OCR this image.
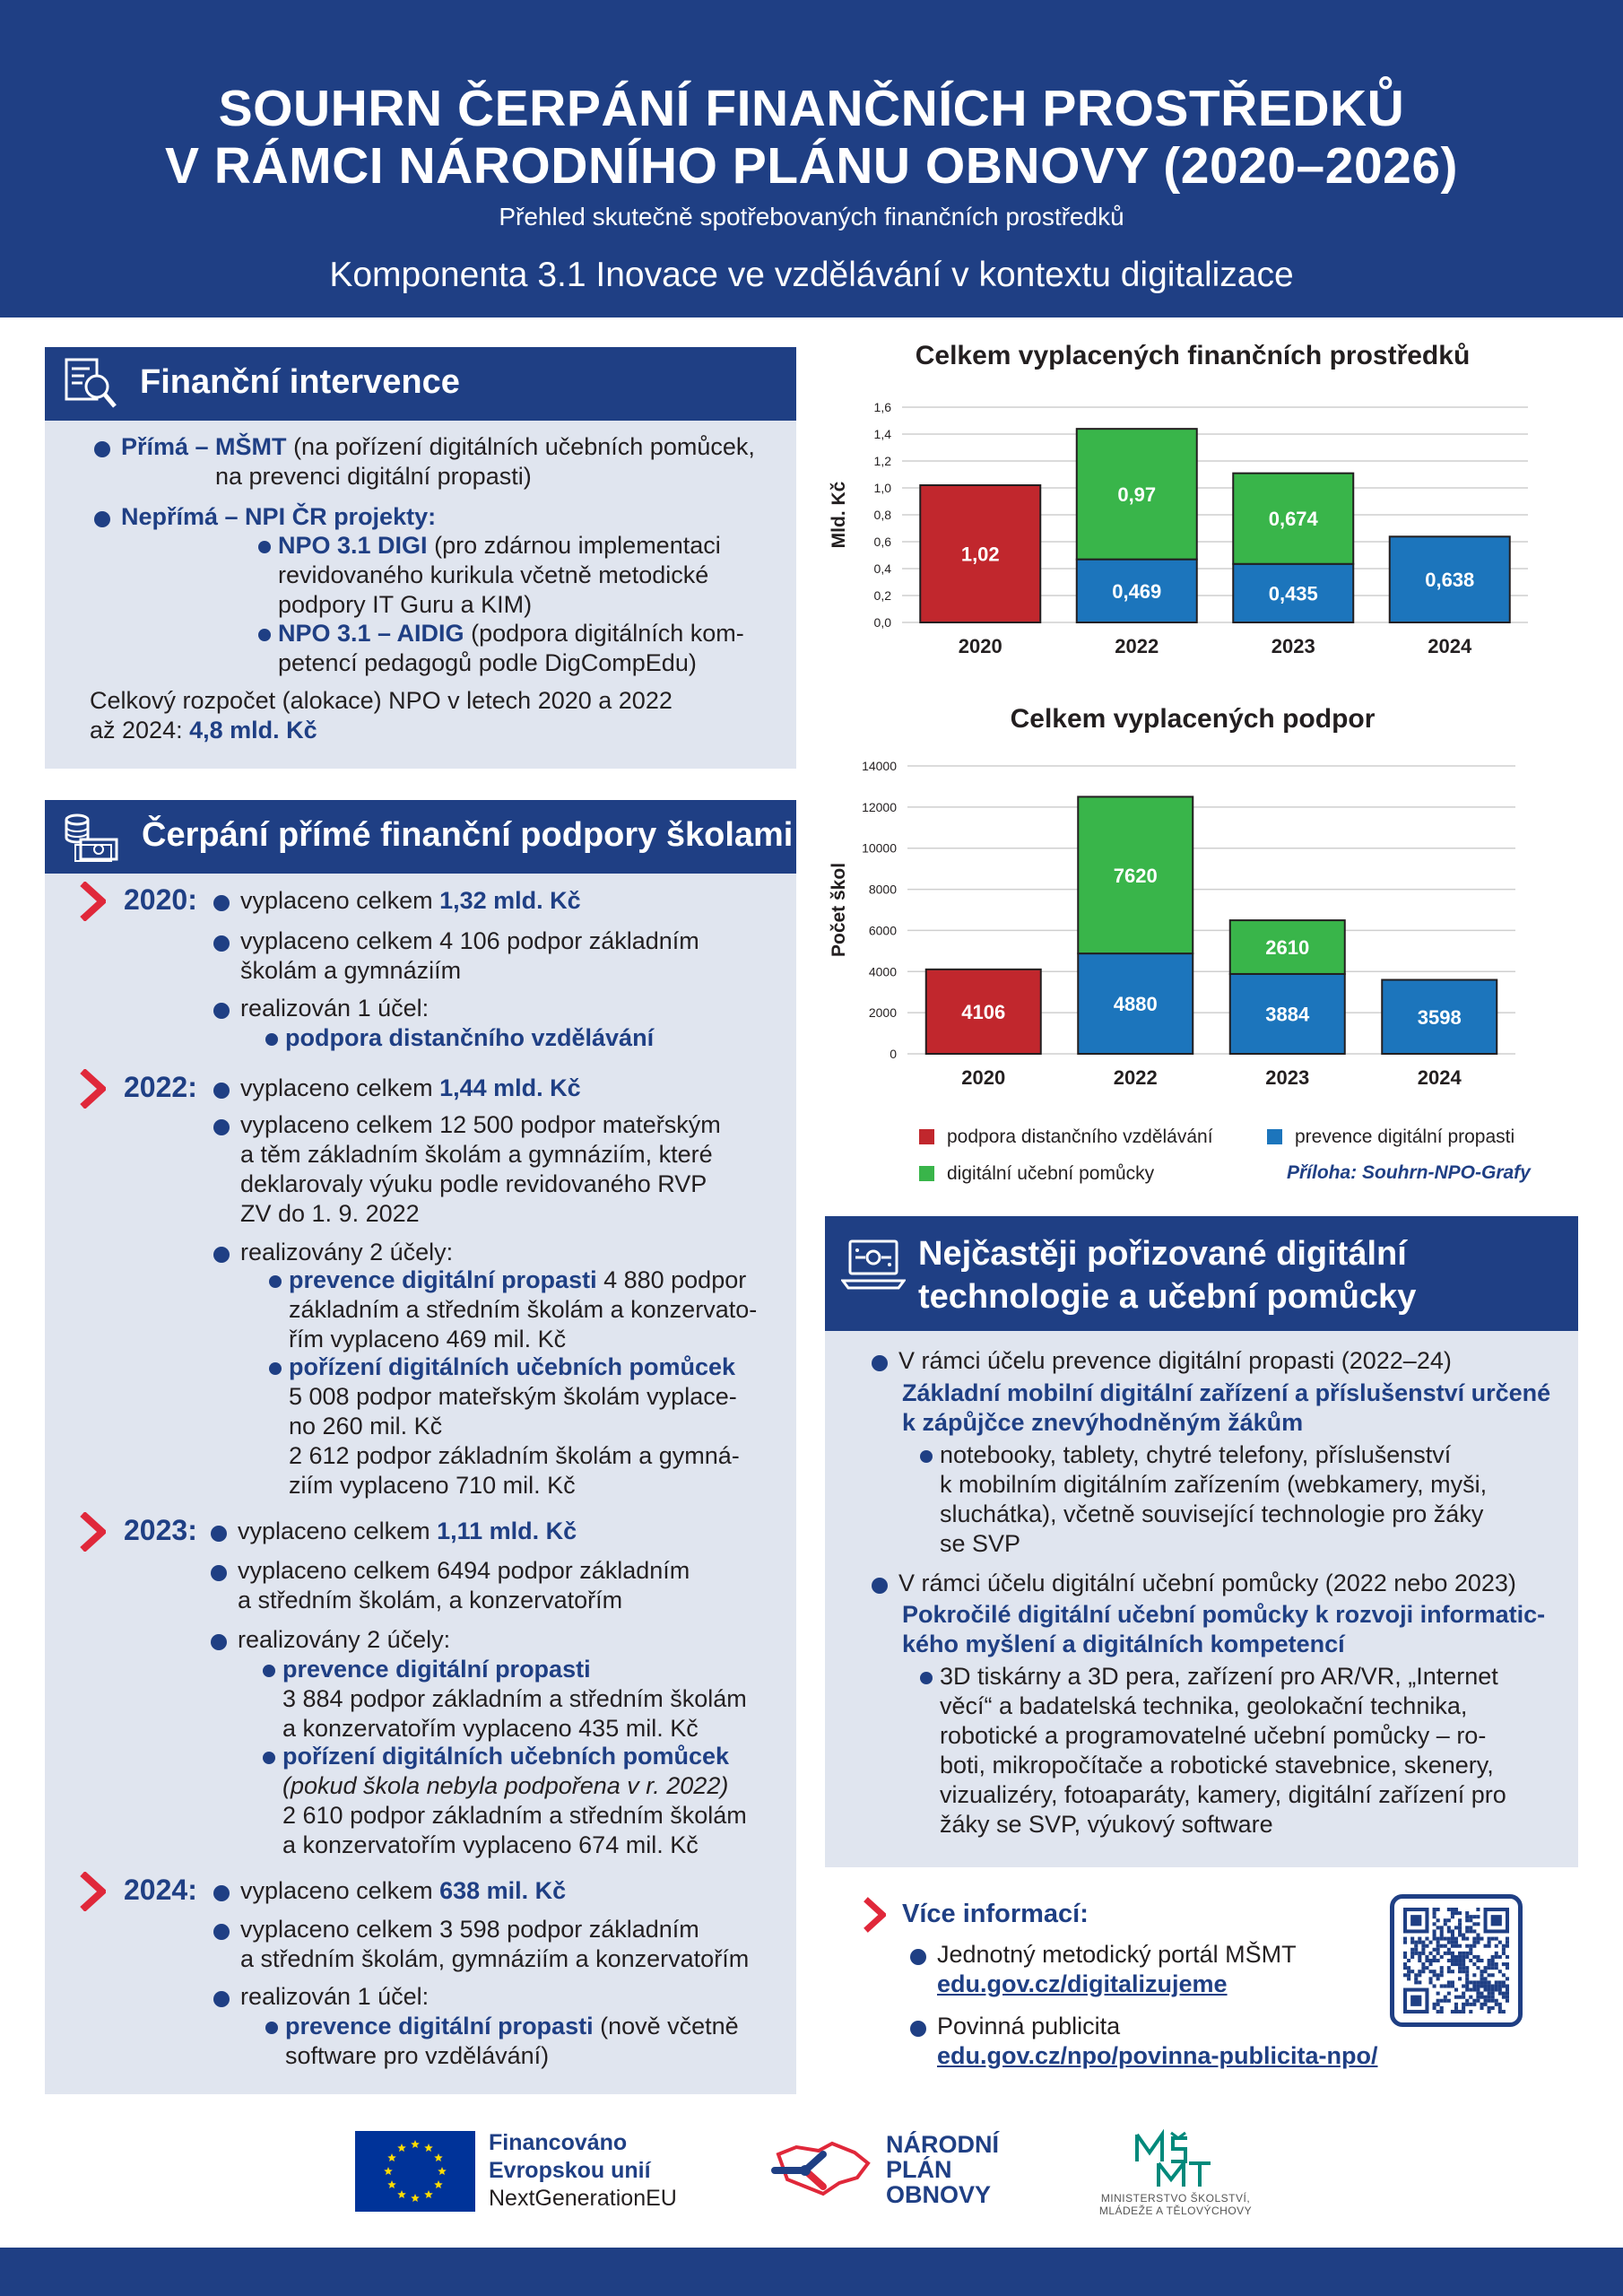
SOUHRN ČERPÁNÍ FINANČNÍCH PROSTŘEDKŮ
V RÁMCI NÁRODNÍHO PLÁNU OBNOVY (2020–2026)
Přehled skutečně spotřebovaných finančních prostředků
Komponenta 3.1 Inovace ve vzdělávání v kontextu digitalizace
Finanční intervence
Přímá – MŠMT (na pořízení digitálních učebních pomůcek,
na prevenci digitální propasti)
Nepřímá – NPI ČR projekty:
NPO 3.1 DIGI (pro zdárnou implementaci
revidovaného kurikula včetně metodické
podpory IT Guru a KIM)
NPO 3.1 – AIDIG (podpora digitálních kom-
petencí pedagogů podle DigCompEdu)
Celkový rozpočet (alokace) NPO v letech 2020 a 2022
až 2024: 4,8 mld. Kč
Čerpání přímé finanční podpory školami
2020: vyplaceno celkem 1,32 mld. Kč
vyplaceno celkem 4 106 podpor základním
školám a gymnáziím
realizován 1 účel:
podpora distančního vzdělávání
2022: vyplaceno celkem 1,44 mld. Kč
vyplaceno celkem 12 500 podpor mateřským
a těm základním školám a gymnáziím, které
deklarovaly výuku podle revidovaného RVP
ZV do 1. 9. 2022
realizovány 2 účely:
prevence digitální propasti 4 880 podpor
základním a středním školám a konzervato-
řím vyplaceno 469 mil. Kč
pořízení digitálních učebních pomůcek
5 008 podpor mateřským školám vyplace-
no 260 mil. Kč
2 612 podpor základním školám a gymná-
ziím vyplaceno 710 mil. Kč
2023: vyplaceno celkem 1,11 mld. Kč
vyplaceno celkem 6494 podpor základním
a středním školám, a konzervatořím
realizovány 2 účely:
prevence digitální propasti
3 884 podpor základním a středním školám
a konzervatořím vyplaceno 435 mil. Kč
pořízení digitálních učebních pomůcek
(pokud škola nebyla podpořena v r. 2022)
2 610 podpor základním a středním školám
a konzervatořím vyplaceno 674 mil. Kč
2024: vyplaceno celkem 638 mil. Kč
vyplaceno celkem 3 598 podpor základním
a středním školám, gymnáziím a konzervatořím
realizován 1 účel:
prevence digitální propasti (nově včetně
software pro vzdělávání)
Celkem vyplacených finančních prostředků
0,0
0,2
0,4
0,6
0,8
1,0
1,2
1,4
1,6
Mld. Kč
1,02
2020
0,469
0,97
2022
0,435
0,674
2023
0,638
2024
Celkem vyplacených podpor
0
2000
4000
6000
8000
10000
12000
14000
Počet škol
4106
2020
4880
7620
2022
3884
2610
2023
3598
2024
podpora distančního vzdělávání	prevence digitální propasti
digitální učební pomůcky	Příloha: Souhrn-NPO-Grafy
Nejčastěji pořizované digitální
technologie a učební pomůcky
V rámci účelu prevence digitální propasti (2022–24)
Základní mobilní digitální zařízení a příslušenství určené
k zápůjčce znevýhodněným žákům
notebooky, tablety, chytré telefony, příslušenství
k mobilním digitálním zařízením (webkamery, myši,
sluchátka), včetně související technologie pro žáky
se SVP
V rámci účelu digitální učební pomůcky (2022 nebo 2023)
Pokročilé digitální učební pomůcky k rozvoji informatic-
kého myšlení a digitálních kompetencí
3D tiskárny a 3D pera, zařízení pro AR/VR, „Internet
věcí“ a badatelská technika, geolokační technika,
robotické a programovatelné učební pomůcky – ro-
boti, mikropočítače a robotické stavebnice, skenery,
vizualizéry, fotoaparáty, kamery, digitální zařízení pro
žáky se SVP, výukový software
Více informací:
Jednotný metodický portál MŠMT
edu.gov.cz/digitalizujeme
Povinná publicita
edu.gov.cz/npo/povinna-publicita-npo/
Financováno
Evropskou unií
NextGenerationEU
NÁRODNÍ
PLÁN
OBNOVY	MINISTERSTVO ŠKOLSTVÍ,
MLÁDEŽE A TĚLOVÝCHOVY
